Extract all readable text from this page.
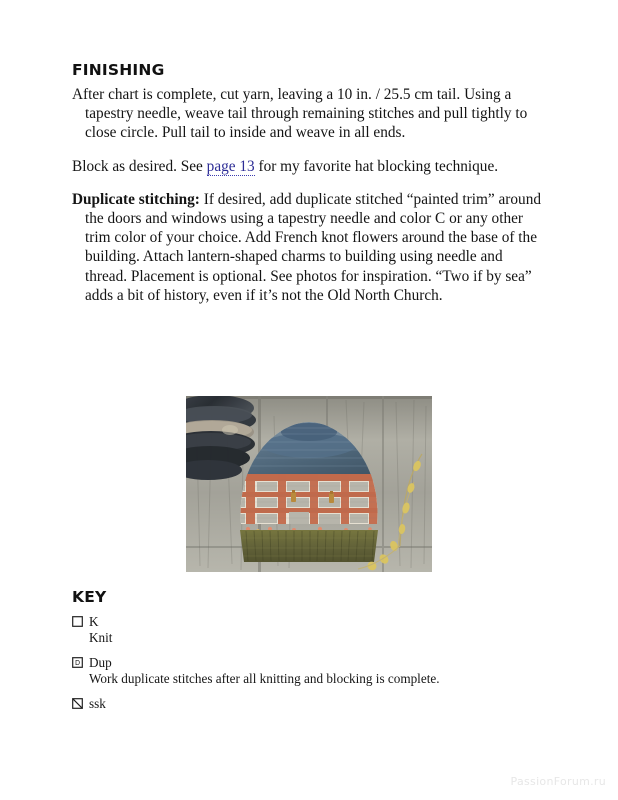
FINISHING

After chart is complete, cut yarn, leaving a 10 in. / 25.5 cm tail. Using a tapestry needle, weave tail through remaining stitches and pull tightly to close circle. Pull tail to inside and weave in all ends.

Block as desired. See page 13 for my favorite hat blocking technique.

Duplicate stitching: If desired, add duplicate stitched “painted trim” around the doors and windows using a tapestry needle and color C or any other trim color of your choice. Add French knot flowers around the base of the building. Attach lantern-shaped charms to building using needle and thread. Placement is optional. See photos for inspiration. “Two if by sea” adds a bit of history, even if it’s not the Old North Church.

KEY
K
Knit
D Dup
Work duplicate stitches after all knitting and blocking is complete.
ssk
PassionForum.ru
